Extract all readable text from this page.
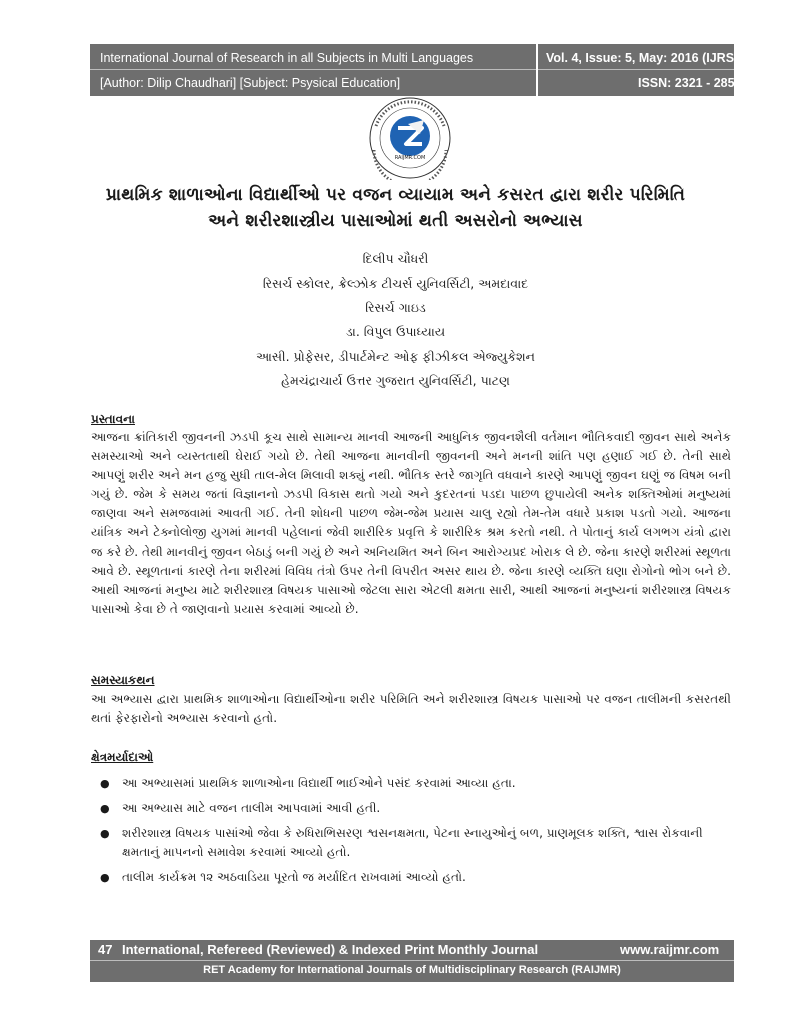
International Journal of Research in all Subjects in Multi Languages	Vol. 4, Issue: 5, May: 2016 (IJRSML)
[Author: Dilip Chaudhari] [Subject: Psysical Education]	ISSN: 2321 - 2853
RAIJMR.COM
પ્રાથમિક શાળાઓના વિદ્યાર્થીઓ પર વજન વ્યાયામ અને કસરત દ્વારા શરીર પરિમિતિ
અને શરીરશાસ્ત્રીય પાસાઓમાં થતી અસરોનો અભ્યાસ
દિલીપ ચૌધરી
રિસર્ચ સ્કોલર, ક્રેલ્ઝોક ટીચર્સ યુનિવર્સિટી, અમદાવાદ
રિસર્ચ ગાઇડ
ડા. વિપુલ ઉપાધ્યાય
આસી. પ્રોફેસર, ડીપાર્ટમેન્ટ ઓફ ફીઝીકલ એજ્યુકેશન
હેમચંદ્રાચાર્ય ઉત્તર ગુજરાત યુનિવર્સિટી, પાટણ
પ્રસ્તાવના
આજના ક્રાંતિકારી જીવનની ઝડપી કૂચ સાથે સામાન્ય માનવી આજની આધુનિક જીવનશૈલી વર્તમાન ભૌતિકવાદી જીવન સાથે અનેક સમસ્યાઓ અને વ્યસ્તતાથી ઘેરાઈ ગયો છે. તેથી આજના માનવીની જીવનની અને મનની શાંતિ પણ હણાઈ ગઈ છે. તેની સાથે આપણું શરીર અને મન હજુ સુધી તાલ-મેલ મિલાવી શક્યું નથી. ભૌતિક સ્તરે જાગૃતિ વધવાને કારણે આપણું જીવન ઘણું જ વિષમ બની ગયું છે. જેમ કે સમય જતાં વિજ્ઞાનનો ઝડપી વિકાસ થતો ગયો અને કુદરતનાં પડદા પાછળ છુપાયેલી અનેક શક્તિઓમાં મનુષ્યમાં જાણવા અને સમજવામાં આવતી ગઈ. તેની શોધની પાછળ જેમ-જેમ પ્રયાસ ચાલુ રહ્યો તેમ-તેમ વધારે પ્રકાશ પડતો ગયો. આજના યાંત્રિક અને ટેક્નોલોજી યુગમાં માનવી પહેલાનાં જેવી શારીરિક પ્રવૃત્તિ કે શારીરિક શ્રમ કરતો નથી. તે પોતાનું કાર્ય લગભગ યંત્રો દ્વારા જ કરે છે. તેથી માનવીનું જીવન બેઠાડું બની ગયું છે અને અનિયમિત અને બિન આરોગ્યપ્રદ ખોરાક લે છે. જેના કારણે શરીરમાં સ્થૂળતા આવે છે. સ્થૂળતાનાં કારણે તેના શરીરમાં વિવિધ તંત્રો ઉપર તેની વિપરીત અસર થાય છે. જેના કારણે વ્યક્તિ ઘણા રોગોનો ભોગ બને છે. આથી આજનાં મનુષ્ય માટે શરીરશાસ્ત્ર વિષયક પાસાઓ જેટલા સારા એટલી ક્ષમતા સારી, આથી આજનાં મનુષ્યનાં શરીરશાસ્ત્ર વિષયક પાસાઓ કેવા છે તે જાણવાનો પ્રયાસ કરવામાં આવ્યો છે.
સમસ્યાકથન
આ અભ્યાસ દ્વારા પ્રાથમિક શાળાઓના વિદ્યાર્થીઓના શરીર પરિમિતિ અને શરીરશાસ્ત્ર વિષયક પાસાઓ પર વજન તાલીમની કસરતથી થતાં ફેરફારોનો અભ્યાસ કરવાનો હતો.
ક્ષેત્રમર્યાદાઓ
● આ અભ્યાસમાં પ્રાથમિક શાળાઓના વિદ્યાર્થી ભાઈઓને પસંદ કરવામાં આવ્યા હતા.
● આ અભ્યાસ માટે વજન તાલીમ આપવામાં આવી હતી.
● શરીરશાસ્ત્ર વિષયક પાસાંઓ જેવા કે રુધિરાભિસરણ શ્વસનક્ષમતા, પેટના સ્નાયુઓનું બળ, પ્રાણમૂલક શક્તિ, શ્વાસ રોકવાની ક્ષમતાનું માપનનો સમાવેશ કરવામાં આવ્યો હતો.
● તાલીમ કાર્યક્રમ ૧૨ અઠવાડિયા પૂરતો જ મર્યાદિત રાખવામાં આવ્યો હતો.
47 International, Refereed (Reviewed) & Indexed Print Monthly Journal	www.raijmr.com
RET Academy for International Journals of Multidisciplinary Research (RAIJMR)
